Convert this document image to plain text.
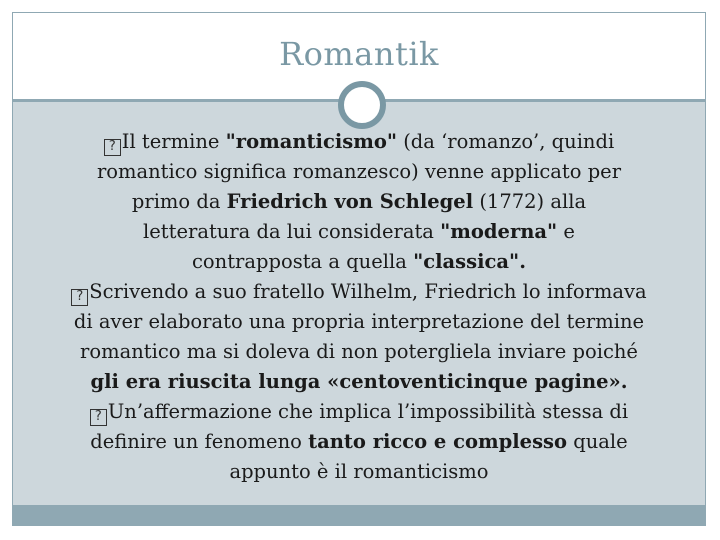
Romantik

? Il termine "romanticismo" (da ‘romanzo’, quindi
romantico significa romanzesco) venne applicato per
primo da Friedrich von Schlegel (1772) alla
letteratura da lui considerata "moderna" e
contrapposta a quella "classica".

? Scrivendo a suo fratello Wilhelm, Friedrich lo informava
di aver elaborato una propria interpretazione del termine
romantico ma si doleva di non potergliela inviare poiché
gli era riuscita lunga «centoventicinque pagine».

? Un’affermazione che implica l’impossibilità stessa di
definire un fenomeno tanto ricco e complesso quale
appunto è il romanticismo
